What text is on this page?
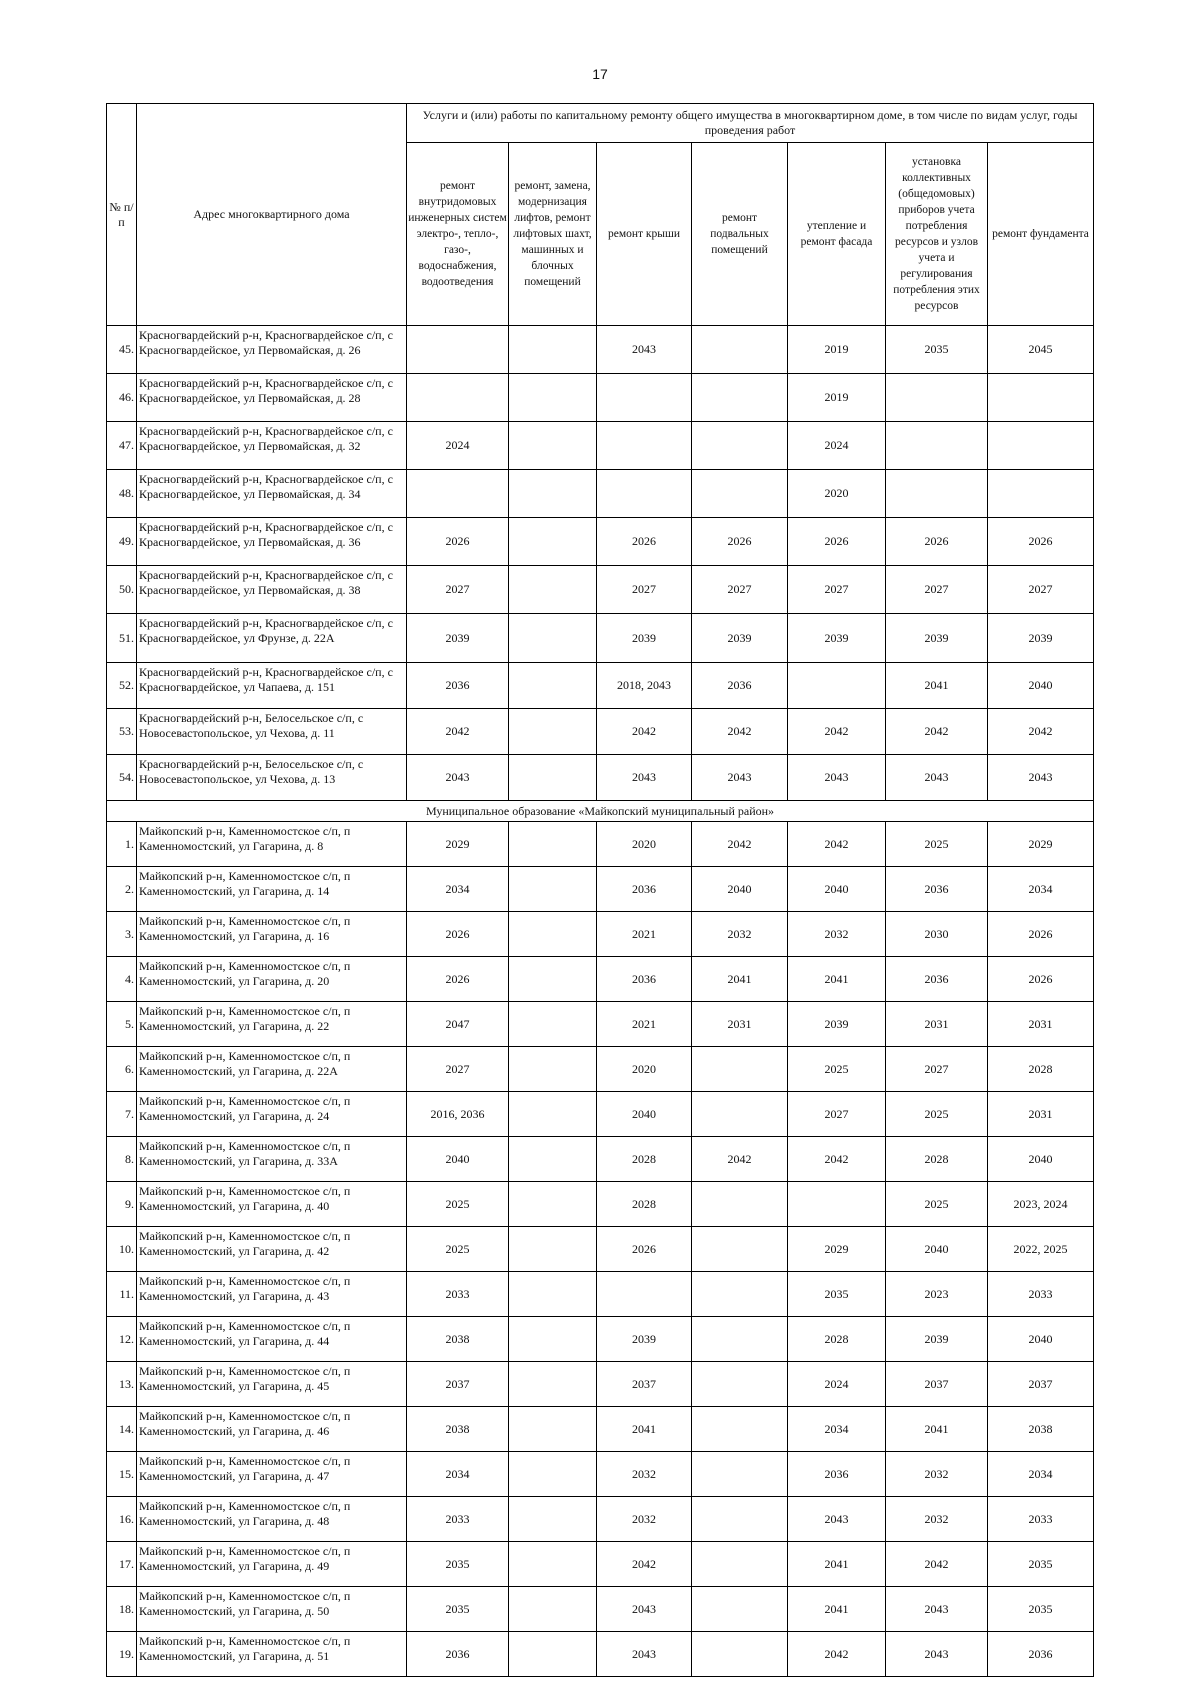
17
№ п/п	Адрес многоквартирного дома	Услуги и (или) работы по капитальному ремонту общего имущества в многоквартирном доме, в том числе по видам услуг, годы проведения работ						
		ремонт внутридомовых инженерных систем электро-, тепло-, газо-, водоснабжения, водоотведения	ремонт, замена, модернизация лифтов, ремонт лифтовых шахт, машинных и блочных помещений	ремонт крыши	ремонт подвальных помещений	утепление и ремонт фасада	установка коллективных (общедомовых) приборов учета потребления ресурсов и узлов учета и регулирования потребления этих ресурсов	ремонт фундамента
45.	Красногвардейский р-н, Красногвардейское с/п, с Красногвардейское, ул Первомайская, д. 26			2043		2019	2035	2045
46.	Красногвардейский р-н, Красногвардейское с/п, с Красногвардейское, ул Первомайская, д. 28					2019		
47.	Красногвардейский р-н, Красногвардейское с/п, с Красногвардейское, ул Первомайская, д. 32	2024				2024		
48.	Красногвардейский р-н, Красногвардейское с/п, с Красногвардейское, ул Первомайская, д. 34					2020		
49.	Красногвардейский р-н, Красногвардейское с/п, с Красногвардейское, ул Первомайская, д. 36	2026		2026	2026	2026	2026	2026
50.	Красногвардейский р-н, Красногвардейское с/п, с Красногвардейское, ул Первомайская, д. 38	2027		2027	2027	2027	2027	2027
51.	Красногвардейский р-н, Красногвардейское с/п, с Красногвардейское, ул Фрунзе, д. 22А	2039		2039	2039	2039	2039	2039
52.	Красногвардейский р-н, Красногвардейское с/п, с Красногвардейское, ул Чапаева, д. 151	2036		2018, 2043	2036		2041	2040
53.	Красногвардейский р-н, Белосельское с/п, с Новосевастопольское, ул Чехова, д. 11	2042		2042	2042	2042	2042	2042
54.	Красногвардейский р-н, Белосельское с/п, с Новосевастопольское, ул Чехова, д. 13	2043		2043	2043	2043	2043	2043
Муниципальное образование «Майкопский муниципальный район»								
1.	Майкопский р-н, Каменномостское с/п, п Каменномостский, ул Гагарина, д. 8	2029		2020	2042	2042	2025	2029
2.	Майкопский р-н, Каменномостское с/п, п Каменномостский, ул Гагарина, д. 14	2034		2036	2040	2040	2036	2034
3.	Майкопский р-н, Каменномостское с/п, п Каменномостский, ул Гагарина, д. 16	2026		2021	2032	2032	2030	2026
4.	Майкопский р-н, Каменномостское с/п, п Каменномостский, ул Гагарина, д. 20	2026		2036	2041	2041	2036	2026
5.	Майкопский р-н, Каменномостское с/п, п Каменномостский, ул Гагарина, д. 22	2047		2021	2031	2039	2031	2031
6.	Майкопский р-н, Каменномостское с/п, п Каменномостский, ул Гагарина, д. 22А	2027		2020		2025	2027	2028
7.	Майкопский р-н, Каменномостское с/п, п Каменномостский, ул Гагарина, д. 24	2016, 2036		2040		2027	2025	2031
8.	Майкопский р-н, Каменномостское с/п, п Каменномостский, ул Гагарина, д. 33А	2040		2028	2042	2042	2028	2040
9.	Майкопский р-н, Каменномостское с/п, п Каменномостский, ул Гагарина, д. 40	2025		2028			2025	2023, 2024
10.	Майкопский р-н, Каменномостское с/п, п Каменномостский, ул Гагарина, д. 42	2025		2026		2029	2040	2022, 2025
11.	Майкопский р-н, Каменномостское с/п, п Каменномостский, ул Гагарина, д. 43	2033				2035	2023	2033
12.	Майкопский р-н, Каменномостское с/п, п Каменномостский, ул Гагарина, д. 44	2038		2039		2028	2039	2040
13.	Майкопский р-н, Каменномостское с/п, п Каменномостский, ул Гагарина, д. 45	2037		2037		2024	2037	2037
14.	Майкопский р-н, Каменномостское с/п, п Каменномостский, ул Гагарина, д. 46	2038		2041		2034	2041	2038
15.	Майкопский р-н, Каменномостское с/п, п Каменномостский, ул Гагарина, д. 47	2034		2032		2036	2032	2034
16.	Майкопский р-н, Каменномостское с/п, п Каменномостский, ул Гагарина, д. 48	2033		2032		2043	2032	2033
17.	Майкопский р-н, Каменномостское с/п, п Каменномостский, ул Гагарина, д. 49	2035		2042		2041	2042	2035
18.	Майкопский р-н, Каменномостское с/п, п Каменномостский, ул Гагарина, д. 50	2035		2043		2041	2043	2035
19.	Майкопский р-н, Каменномостское с/п, п Каменномостский, ул Гагарина, д. 51	2036		2043		2042	2043	2036
